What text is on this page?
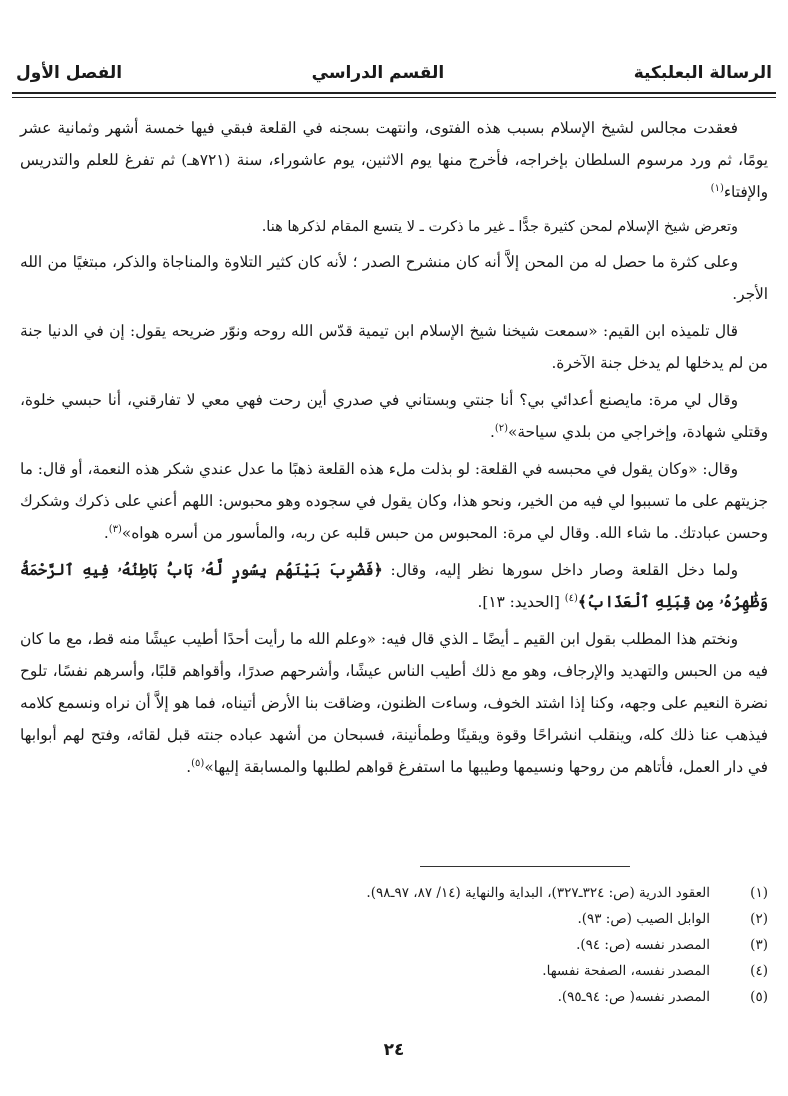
الرسالة البعلبكية
القسم الدراسي
الفصل الأول

فعقدت مجالس لشيخ الإسلام بسبب هذه الفتوى، وانتهت بسجنه في القلعة فبقي فيها خمسة أشهر وثمانية عشر يومًا، ثم ورد مرسوم السلطان بإخراجه، فأخرج منها يوم الاثنين، يوم عاشوراء، سنة (٧٢١هـ) ثم تفرغ للعلم والتدريس والإفتاء$^{(١)}$

وتعرض شيخ الإسلام لمحن كثيرة جدًّا ـ غير ما ذكرت ـ لا يتسع المقام لذكرها هنا.

وعلى كثرة ما حصل له من المحن إلاَّ أنه كان منشرح الصدر ؛ لأنه كان كثير التلاوة والمناجاة والذكر، مبتغيًا من الله الأجر.

قال تلميذه ابن القيم: «سمعت شيخنا شيخ الإسلام ابن تيمية قدّس الله روحه ونوّر ضريحه يقول: إن في الدنيا جنة من لم يدخلها لم يدخل جنة الآخرة.

وقال لي مرة: مايصنع أعدائي بي؟ أنا جنتي وبستاني في صدري أين رحت فهي معي لا تفارقني، أنا حبسي خلوة، وقتلي شهادة، وإخراجي من بلدي سياحة»$^{(٢)}$.

وقال: «وكان يقول في محبسه في القلعة: لو بذلت ملء هذه القلعة ذهبًا ما عدل عندي شكر هذه النعمة، أو قال: ما جزيتهم على ما تسببوا لي فيه من الخير، ونحو هذا، وكان يقول في سجوده وهو محبوس: اللهم أعني على ذكرك وشكرك وحسن عبادتك. ما شاء الله. وقال لي مرة: المحبوس من حبس قلبه عن ربه، والمأسور من أسره هواه»$^{(٣)}$.

ولما دخل القلعة وصار داخل سورها نظر إليه، وقال: ﴿فَضُرِبَ بَيْنَهُم بِسُورٍ لَّهُۥ بَابُۢ بَاطِنُهُۥ فِيهِ ٱلرَّحْمَةُ وَظَٰهِرُهُۥ مِن قِبَلِهِ ٱلْعَذَابُ﴾$^{(٤)}$ [الحديد: ١٣].

ونختم هذا المطلب بقول ابن القيم ـ أيضًا ـ الذي قال فيه: «وعلم الله ما رأيت أحدًا أطيب عيشًا منه قط، مع ما كان فيه من الحبس والتهديد والإرجاف، وهو مع ذلك أطيب الناس عيشًا، وأشرحهم صدرًا، وأقواهم قلبًا، وأسرهم نفسًا، تلوح نضرة النعيم على وجهه، وكنا إذا اشتد الخوف، وساءت الظنون، وضاقت بنا الأرض أتيناه، فما هو إلاَّ أن نراه ونسمع كلامه فيذهب عنا ذلك كله، وينقلب انشراحًا وقوة ويقينًا وطمأنينة، فسبحان من أشهد عباده جنته قبل لقائه، وفتح لهم أبوابها في دار العمل، فأتاهم من روحها ونسيمها وطيبها ما استفرغ قواهم لطلبها والمسابقة إليها»$^{(٥)}$.

(١)
العقود الدرية (ص: ٣٢٤ـ٣٢٧)، البداية والنهاية (١٤/ ٨٧، ٩٧ـ٩٨).
(٢)
الوابل الصيب (ص: ٩٣).
(٣)
المصدر نفسه (ص: ٩٤).
(٤)
المصدر نفسه، الصفحة نفسها.
(٥)
المصدر نفسه( ص: ٩٤ـ٩٥).
٢٤
